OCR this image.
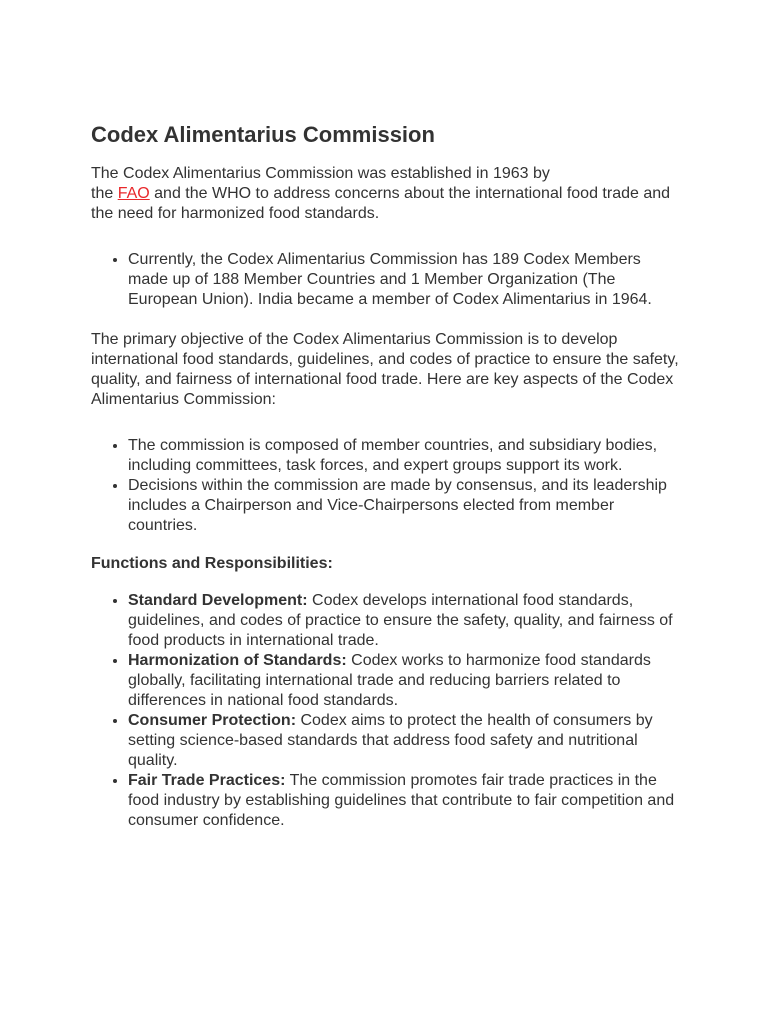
Codex Alimentarius Commission

The Codex Alimentarius Commission was established in 1963 by
the FAO and the WHO to address concerns about the international food trade and the need for harmonized food standards.

• Currently, the Codex Alimentarius Commission has 189 Codex Members made up of 188 Member Countries and 1 Member Organization (The European Union). India became a member of Codex Alimentarius in 1964.

The primary objective of the Codex Alimentarius Commission is to develop international food standards, guidelines, and codes of practice to ensure the safety, quality, and fairness of international food trade. Here are key aspects of the Codex Alimentarius Commission:

• The commission is composed of member countries, and subsidiary bodies, including committees, task forces, and expert groups support its work.
• Decisions within the commission are made by consensus, and its leadership includes a Chairperson and Vice-Chairpersons elected from member countries.

Functions and Responsibilities:

• Standard Development: Codex develops international food standards, guidelines, and codes of practice to ensure the safety, quality, and fairness of food products in international trade.
• Harmonization of Standards: Codex works to harmonize food standards globally, facilitating international trade and reducing barriers related to differences in national food standards.
• Consumer Protection: Codex aims to protect the health of consumers by setting science-based standards that address food safety and nutritional quality.
• Fair Trade Practices: The commission promotes fair trade practices in the food industry by establishing guidelines that contribute to fair competition and consumer confidence.
